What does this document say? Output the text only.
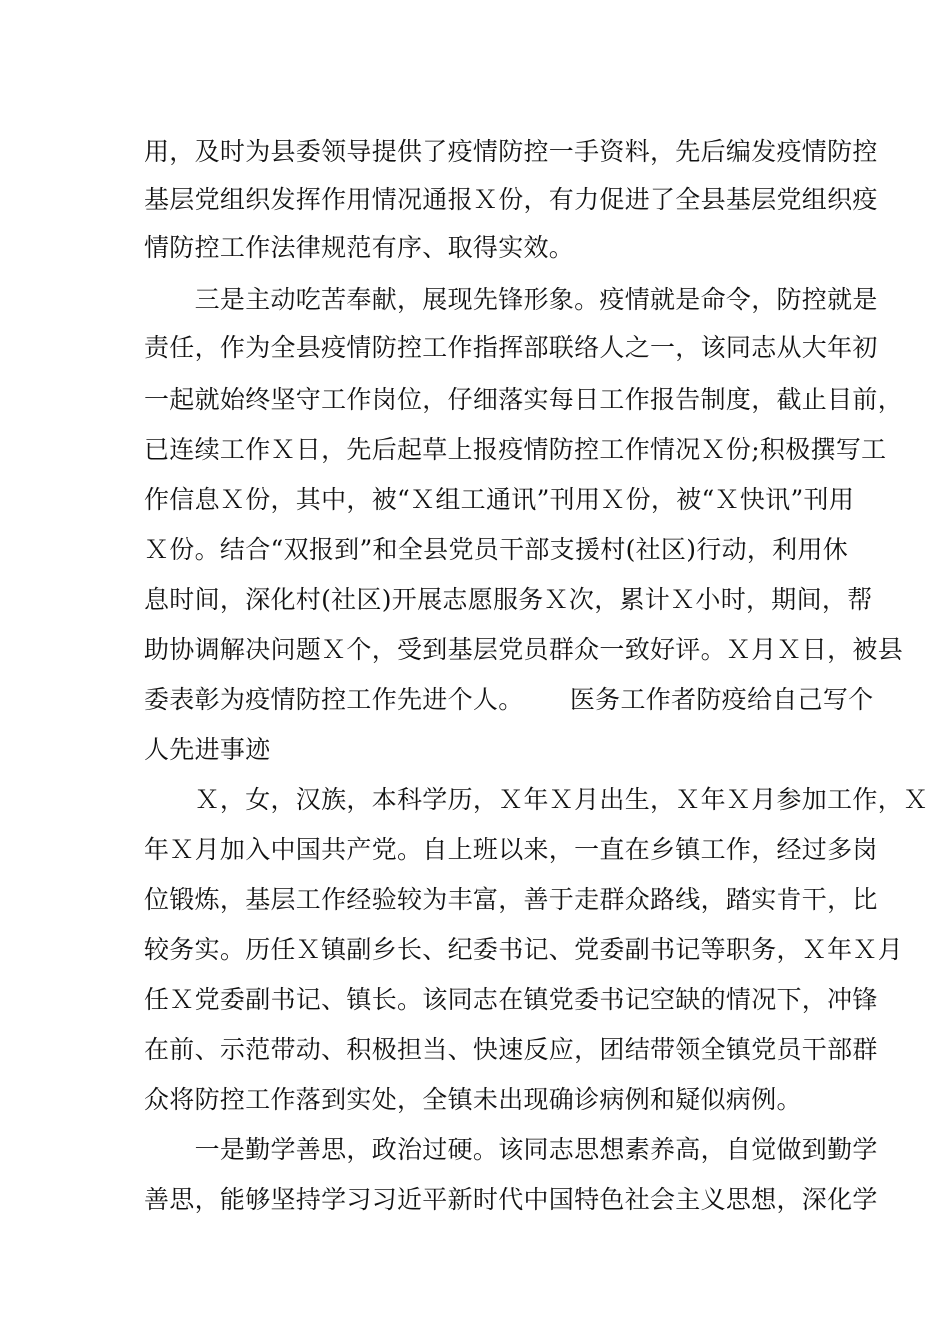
用，及时为县委领导提供了疫情防控一手资料，先后编发疫情防控
基层党组织发挥作用情况通报Ｘ份，有力促进了全县基层党组织疫
情防控工作法律规范有序、取得实效。
　　三是主动吃苦奉献，展现先锋形象。疫情就是命令，防控就是
责任，作为全县疫情防控工作指挥部联络人之一，该同志从大年初
一起就始终坚守工作岗位，仔细落实每日工作报告制度，截止目前，
已连续工作Ｘ日，先后起草上报疫情防控工作情况Ｘ份;积极撰写工
作信息Ｘ份，其中，被“Ｘ组工通讯”刊用Ｘ份，被“Ｘ快讯”刊用
Ｘ份。结合“双报到”和全县党员干部支援村(社区)行动，利用休
息时间，深化村(社区)开展志愿服务Ｘ次，累计Ｘ小时，期间，帮
助协调解决问题Ｘ个，受到基层党员群众一致好评。Ｘ月Ｘ日，被县
委表彰为疫情防控工作先进个人。　　 医务工作者防疫给自己写个
人先进事迹
　　Ｘ，女，汉族，本科学历，Ｘ年Ｘ月出生，Ｘ年Ｘ月参加工作，Ｘ
年Ｘ月加入中国共产党。自上班以来，一直在乡镇工作，经过多岗
位锻炼，基层工作经验较为丰富，善于走群众路线，踏实肯干，比
较务实。历任Ｘ镇副乡长、纪委书记、党委副书记等职务，Ｘ年Ｘ月
任Ｘ党委副书记、镇长。该同志在镇党委书记空缺的情况下，冲锋
在前、示范带动、积极担当、快速反应，团结带领全镇党员干部群
众将防控工作落到实处，全镇未出现确诊病例和疑似病例。
　　一是勤学善思，政治过硬。该同志思想素养高，自觉做到勤学
善思，能够坚持学习习近平新时代中国特色社会主义思想，深化学
